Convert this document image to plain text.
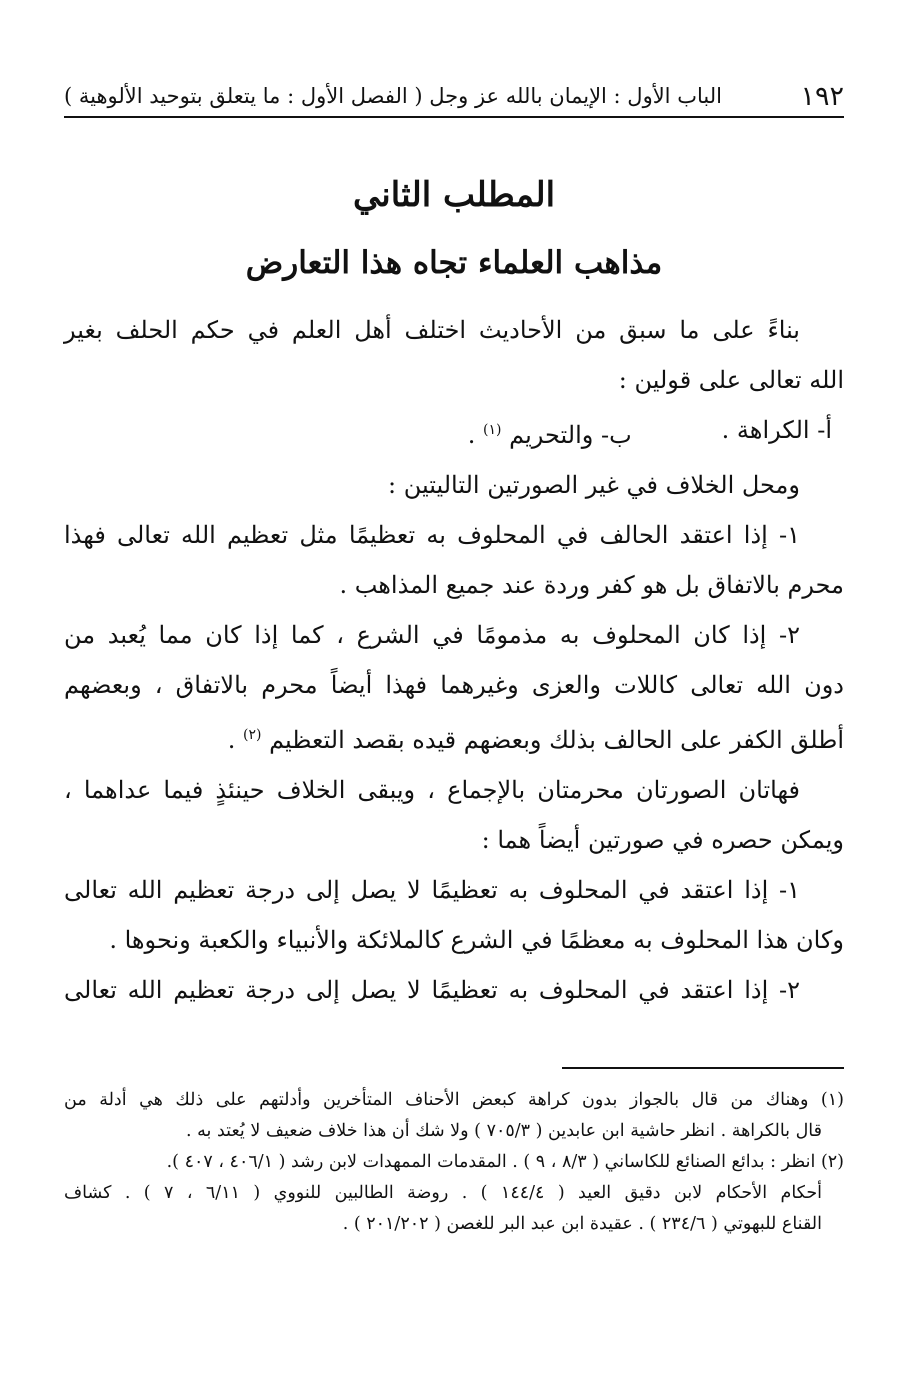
١٩٢
الباب الأول : الإيمان بالله عز وجل ( الفصل الأول : ما يتعلق بتوحيد الألوهية )
المطلب الثاني
مذاهب العلماء تجاه هذا التعارض

بناءً على ما سبق من الأحاديث اختلف أهل العلم في حكم الحلف بغير

الله تعالى على قولين :

أ- الكراهة .
ب- والتحريم $^{(١)}$ .

ومحل الخلاف في غير الصورتين التاليتين :

١- إذا اعتقد الحالف في المحلوف به تعظيمًا مثل تعظيم الله تعالى فهذا

محرم بالاتفاق بل هو كفر وردة عند جميع المذاهب .

٢- إذا كان المحلوف به مذمومًا في الشرع ، كما إذا كان مما يُعبد من

دون الله تعالى كاللات والعزى وغيرهما فهذا أيضاً محرم بالاتفاق ، وبعضهم

أطلق الكفر على الحالف بذلك وبعضهم قيده بقصد التعظيم $^{(٢)}$ .

فهاتان الصورتان محرمتان بالإجماع ، ويبقى الخلاف حينئذٍ فيما عداهما ،

ويمكن حصره في صورتين أيضاً هما :

١- إذا اعتقد في المحلوف به تعظيمًا لا يصل إلى درجة تعظيم الله تعالى

وكان هذا المحلوف به معظمًا في الشرع كالملائكة والأنبياء والكعبة ونحوها .

٢- إذا اعتقد في المحلوف به تعظيمًا لا يصل إلى درجة تعظيم الله تعالى

(١) وهناك من قال بالجواز بدون كراهة كبعض الأحناف المتأخرين وأدلتهم على ذلك هي أدلة من

قال بالكراهة . انظر حاشية ابن عابدين ( ٧٠٥/٣ ) ولا شك أن هذا خلاف ضعيف لا يُعتد به .

(٢) انظر : بدائع الصنائع للكاساني ( ٨/٣ ، ٩ ) . المقدمات الممهدات لابن رشد ( ٤٠٦/١ ، ٤٠٧ ).

أحكام الأحكام لابن دقيق العيد ( ١٤٤/٤ ) . روضة الطالبين للنووي ( ٦/١١ ، ٧ ) . كشاف

القناع للبهوتي ( ٢٣٤/٦ ) . عقيدة ابن عبد البر للغصن ( ٢٠١/٢٠٢ ) .
